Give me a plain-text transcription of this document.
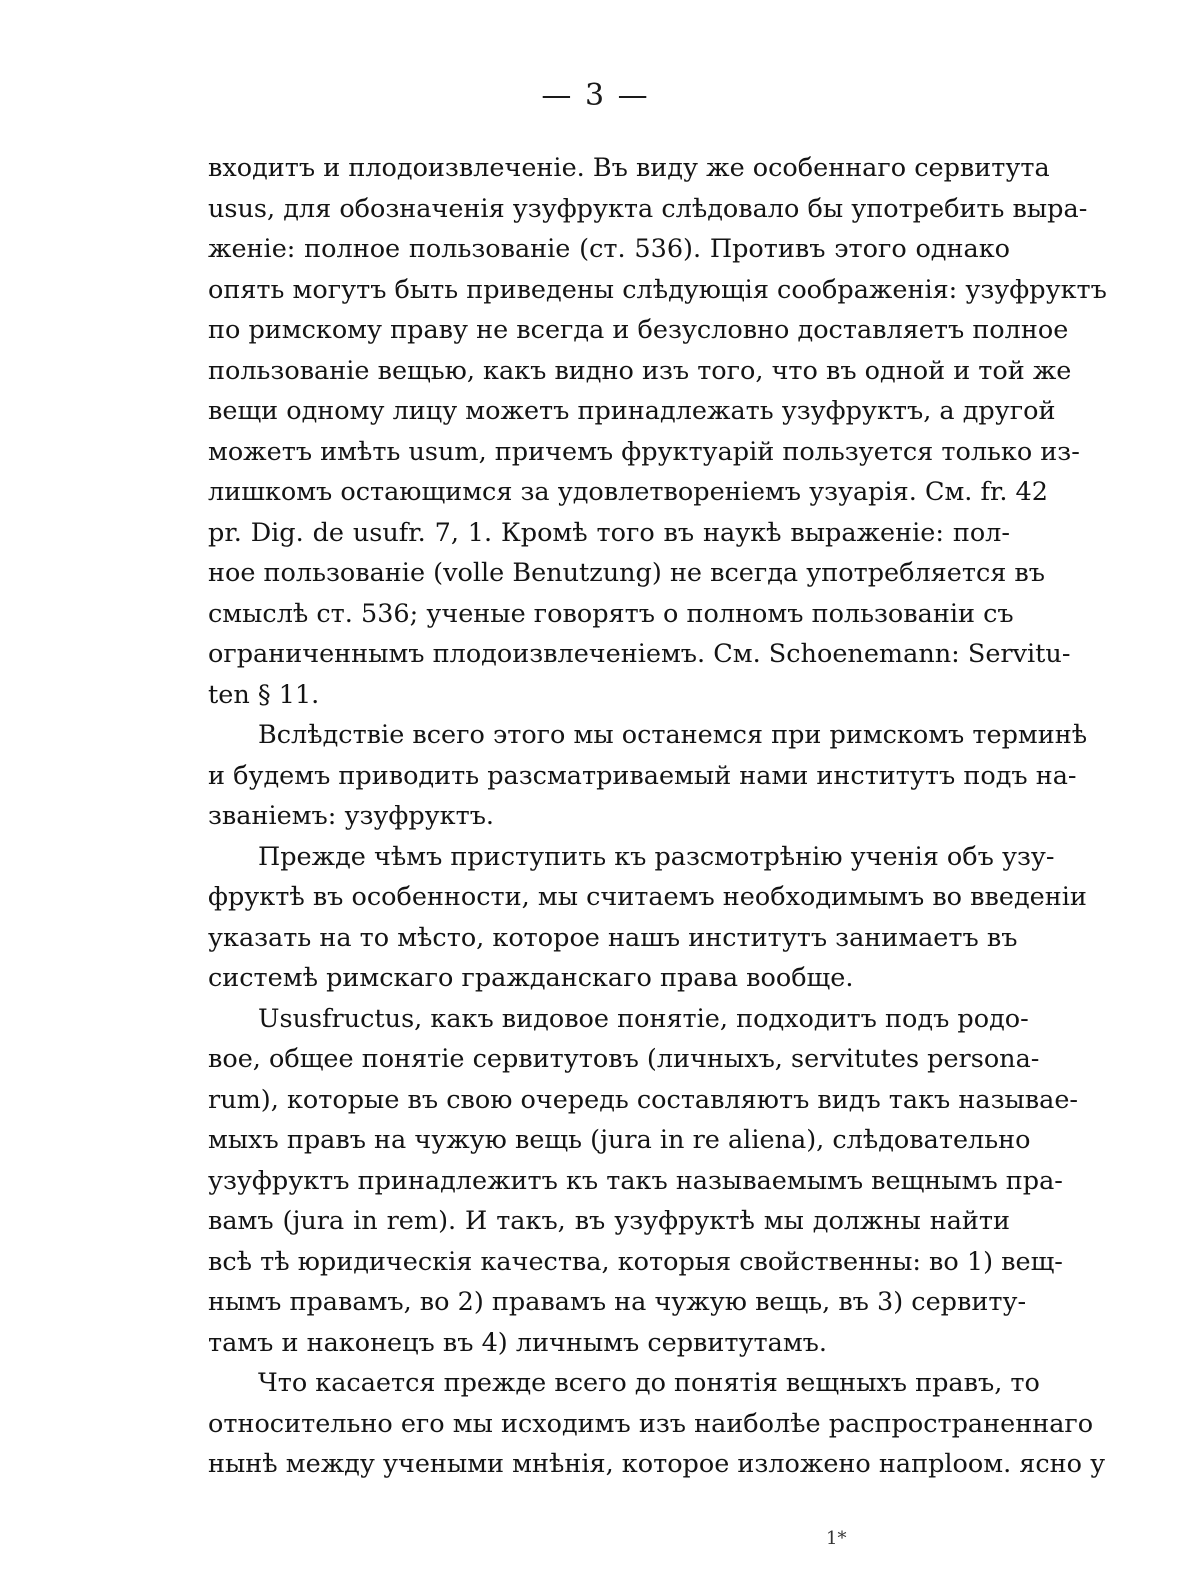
— 3 —
входитъ и плодоизвлеченіе. Въ виду же особеннаго сервитута
usus, для обозначенія узуфрукта слѣдовало бы употребить выра-
женіе: полное пользованіе (ст. 536). Противъ этого однако
опять могутъ быть приведены слѣдующія соображенія: узуфруктъ
по римскому праву не всегда и безусловно доставляетъ полное
пользованіе вещью, какъ видно изъ того, что въ одной и той же
вещи одному лицу можетъ принадлежать узуфруктъ, а другой
можетъ имѣть usum, причемъ фруктуарій пользуется только из-
лишкомъ остающимся за удовлетвореніемъ узуарія. См. fr. 42
pr. Dig. de usufr. 7, 1. Кромѣ того въ наукѣ выраженіе: пол-
ное пользованіе (volle Benutzung) не всегда употребляется въ
смыслѣ ст. 536; ученые говорятъ о полномъ пользованіи съ
ограниченнымъ плодоизвлеченіемъ. См. Schoenemann: Servitu-
ten § 11.
Вслѣдствіе всего этого мы останемся при римскомъ терминѣ
и будемъ приводить разсматриваемый нами институтъ подъ на-
званіемъ: узуфруктъ.
Прежде чѣмъ приступить къ разсмотрѣнію ученія объ узу-
фруктѣ въ особенности, мы считаемъ необходимымъ во введеніи
указать на то мѣсто, которое нашъ институтъ занимаетъ въ
системѣ римскаго гражданскаго права вообще.
Ususfructus, какъ видовое понятіе, подходитъ подъ родо-
вое, общее понятіе сервитутовъ (личныхъ, servitutes persona-
rum), которые въ свою очередь составляютъ видъ такъ называе-
мыхъ правъ на чужую вещь (jura in re aliena), слѣдовательно
узуфруктъ принадлежитъ къ такъ называемымъ вещнымъ пра-
вамъ (jura in rem). И такъ, въ узуфруктѣ мы должны найти
всѣ тѣ юридическія качества, которыя свойственны: во 1) вещ-
нымъ правамъ, во 2) правамъ на чужую вещь, въ 3) сервиту-
тамъ и наконецъ въ 4) личнымъ сервитутамъ.
Что касается прежде всего до понятія вещныхъ правъ, то
относительно его мы исходимъ изъ наиболѣе распространеннаго
нынѣ между учеными мнѣнія, которое изложено напрlooм. ясно у
1*
